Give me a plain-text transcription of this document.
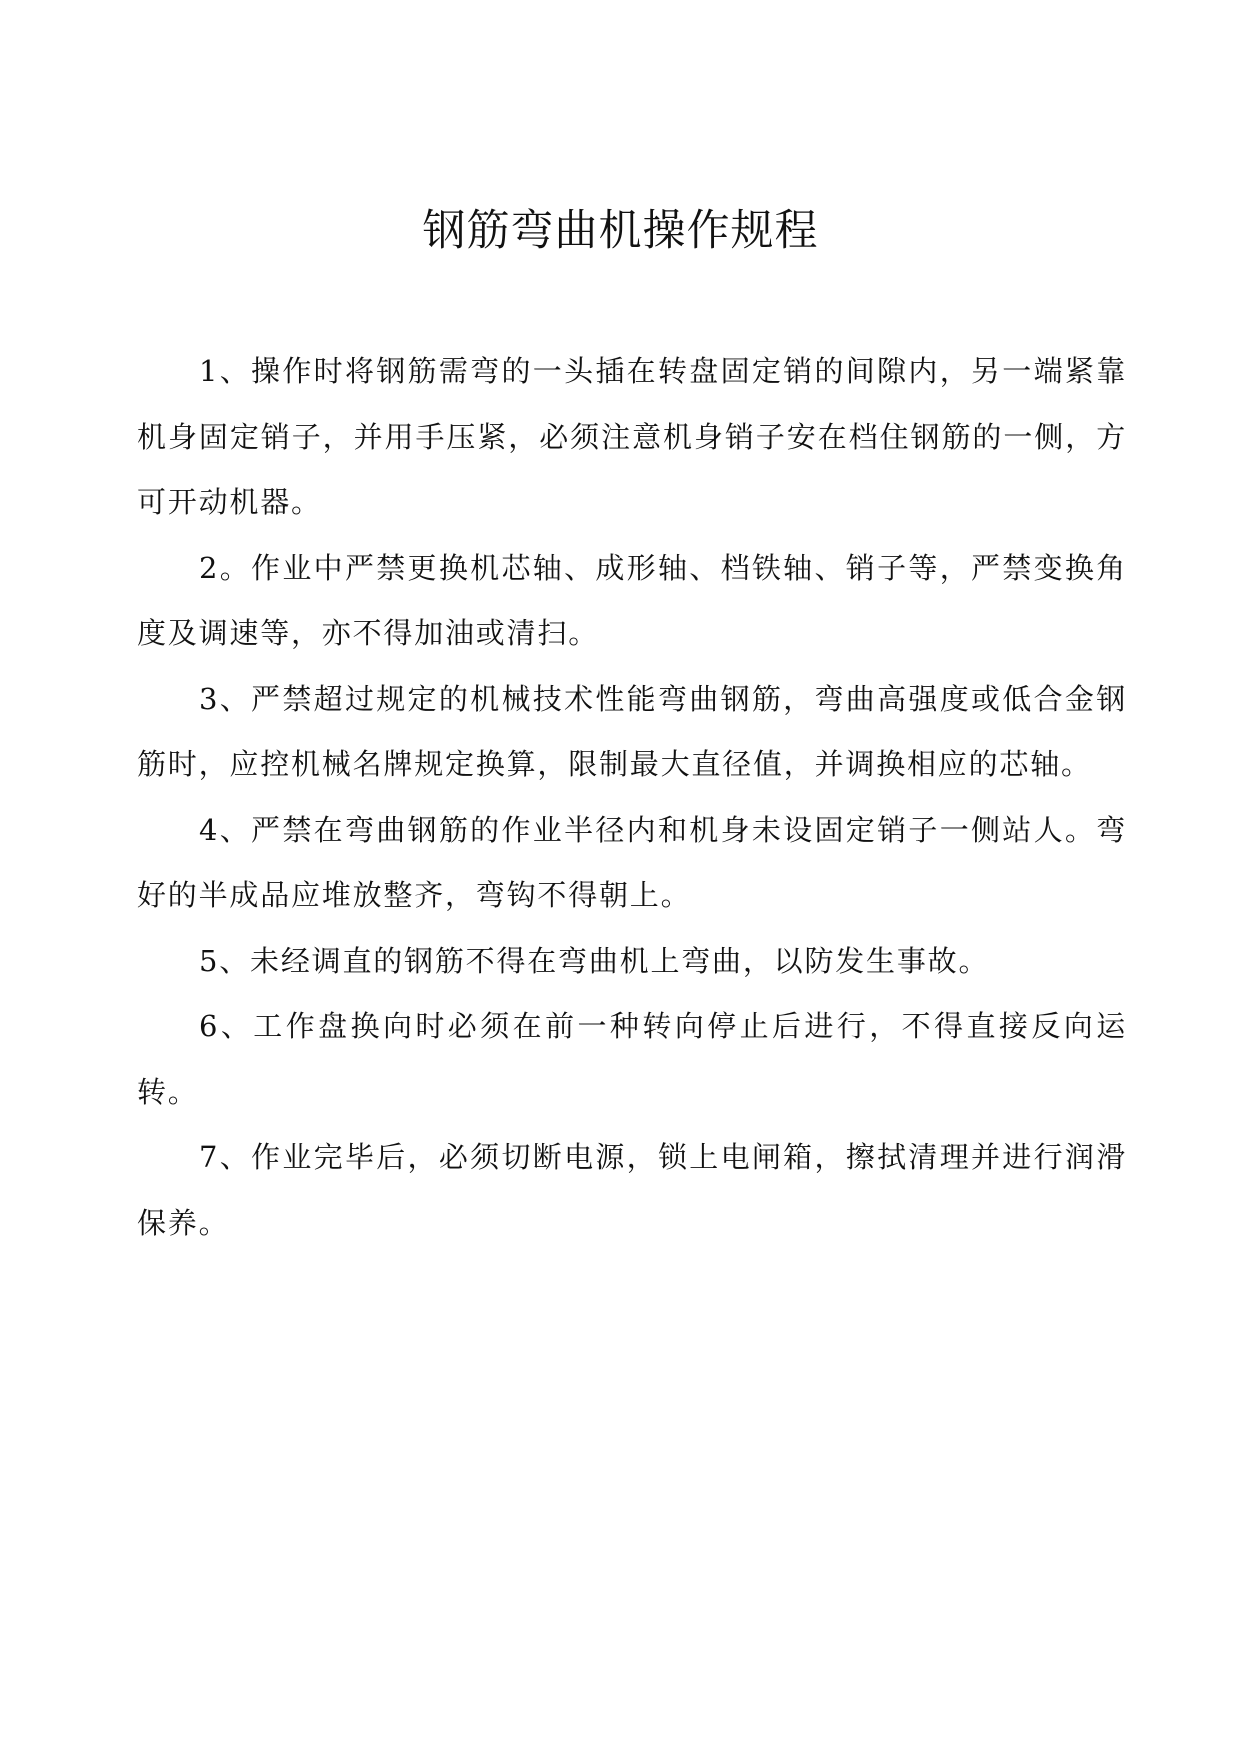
钢筋弯曲机操作规程

1、操作时将钢筋需弯的一头插在转盘固定销的间隙内，另一端紧靠机身固定销子，并用手压紧，必须注意机身销子安在档住钢筋的一侧，方可开动机器。

2。作业中严禁更换机芯轴、成形轴、档铁轴、销子等，严禁变换角度及调速等，亦不得加油或清扫。

3、严禁超过规定的机械技术性能弯曲钢筋，弯曲高强度或低合金钢筋时，应控机械名牌规定换算，限制最大直径值，并调换相应的芯轴。

4、严禁在弯曲钢筋的作业半径内和机身未设固定销子一侧站人。弯好的半成品应堆放整齐，弯钩不得朝上。

5、未经调直的钢筋不得在弯曲机上弯曲，以防发生事故。

6、工作盘换向时必须在前一种转向停止后进行，不得直接反向运转。

7、作业完毕后，必须切断电源，锁上电闸箱，擦拭清理并进行润滑保养。
